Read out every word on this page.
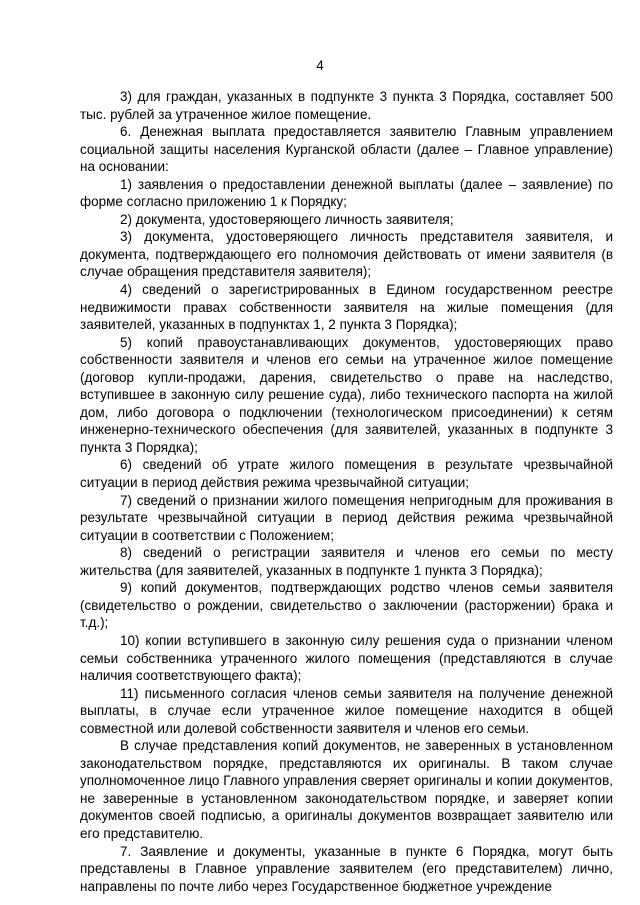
4

3) для граждан, указанных в подпункте 3 пункта 3 Порядка, составляет 500 тыс. рублей за утраченное жилое помещение.

6. Денежная выплата предоставляется заявителю Главным управлением социальной защиты населения Курганской области (далее – Главное управление) на основании:

1) заявления о предоставлении денежной выплаты (далее – заявление) по форме согласно приложению 1 к Порядку;

2) документа, удостоверяющего личность заявителя;

3) документа, удостоверяющего личность представителя заявителя, и документа, подтверждающего его полномочия действовать от имени заявителя (в случае обращения представителя заявителя);

4) сведений о зарегистрированных в Едином государственном реестре недвижимости правах собственности заявителя на жилые помещения (для заявителей, указанных в подпунктах 1, 2 пункта 3 Порядка);

5) копий правоустанавливающих документов, удостоверяющих право собственности заявителя и членов его семьи на утраченное жилое помещение (договор купли-продажи, дарения, свидетельство о праве на наследство, вступившее в законную силу решение суда), либо технического паспорта на жилой дом, либо договора о подключении (технологическом присоединении) к сетям инженерно-технического обеспечения (для заявителей, указанных в подпункте 3 пункта 3 Порядка);

6) сведений об утрате жилого помещения в результате чрезвычайной ситуации в период действия режима чрезвычайной ситуации;

7) сведений о признании жилого помещения непригодным для проживания в результате чрезвычайной ситуации в период действия режима чрезвычайной ситуации в соответствии с Положением;

8) сведений о регистрации заявителя и членов его семьи по месту жительства (для заявителей, указанных в подпункте 1 пункта 3 Порядка);

9) копий документов, подтверждающих родство членов семьи заявителя (свидетельство о рождении, свидетельство о заключении (расторжении) брака и т.д.);

10) копии вступившего в законную силу решения суда о признании членом семьи собственника утраченного жилого помещения (представляются в случае наличия соответствующего факта);

11) письменного согласия членов семьи заявителя на получение денежной выплаты, в случае если утраченное жилое помещение находится в общей совместной или долевой собственности заявителя и членов его семьи.

В случае представления копий документов, не заверенных в установленном законодательством порядке, представляются их оригиналы. В таком случае уполномоченное лицо Главного управления сверяет оригиналы и копии документов, не заверенные в установленном законодательством порядке, и заверяет копии документов своей подписью, а оригиналы документов возвращает заявителю или его представителю.

7. Заявление и документы, указанные в пункте 6 Порядка, могут быть представлены в Главное управление заявителем (его представителем) лично, направлены по почте либо через Государственное бюджетное учреждение
